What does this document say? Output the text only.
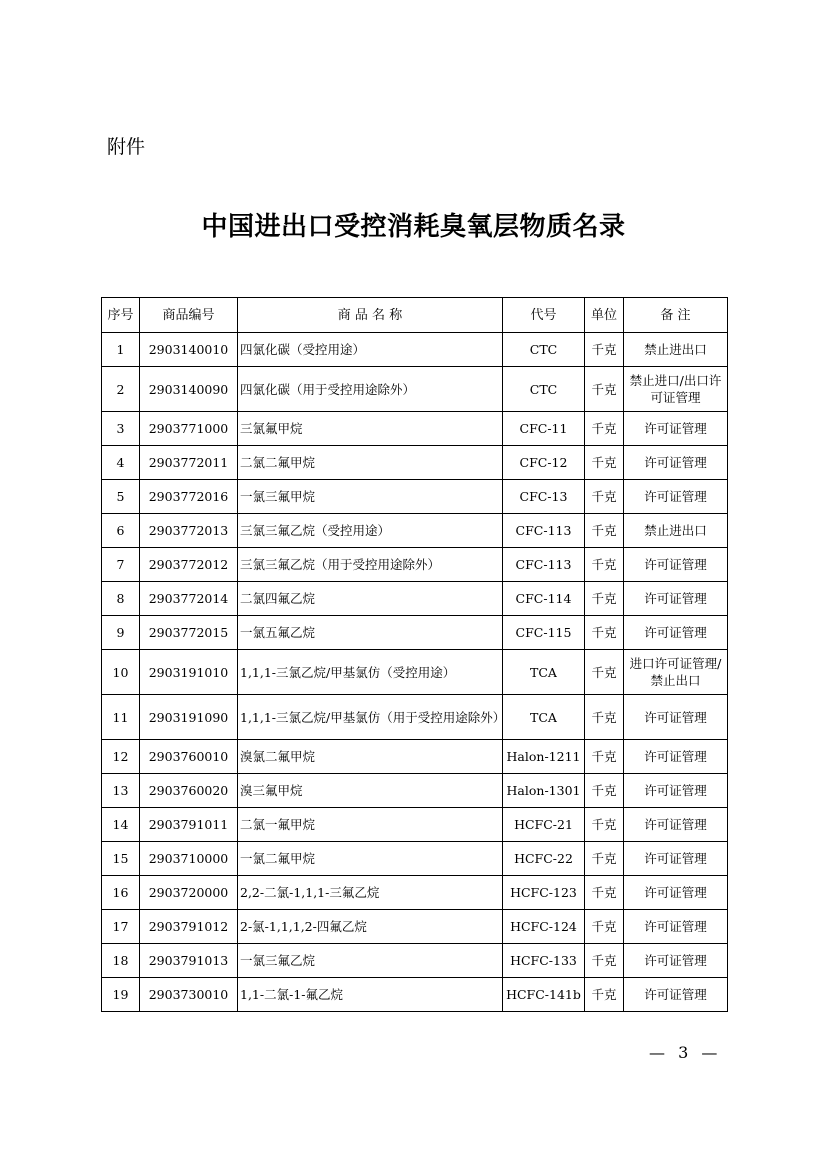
附件
中国进出口受控消耗臭氧层物质名录
序号	商品编号	商 品 名 称	代号	单位	备 注
1	2903140010	四氯化碳（受控用途）	CTC	千克	禁止进出口
2	2903140090	四氯化碳（用于受控用途除外）	CTC	千克	禁止进口/出口许可证管理
3	2903771000	三氯氟甲烷	CFC-11	千克	许可证管理
4	2903772011	二氯二氟甲烷	CFC-12	千克	许可证管理
5	2903772016	一氯三氟甲烷	CFC-13	千克	许可证管理
6	2903772013	三氯三氟乙烷（受控用途）	CFC-113	千克	禁止进出口
7	2903772012	三氯三氟乙烷（用于受控用途除外）	CFC-113	千克	许可证管理
8	2903772014	二氯四氟乙烷	CFC-114	千克	许可证管理
9	2903772015	一氯五氟乙烷	CFC-115	千克	许可证管理
10	2903191010	1,1,1-三氯乙烷/甲基氯仿（受控用途）	TCA	千克	进口许可证管理/禁止出口
11	2903191090	1,1,1-三氯乙烷/甲基氯仿（用于受控用途除外）	TCA	千克	许可证管理
12	2903760010	溴氯二氟甲烷	Halon-1211	千克	许可证管理
13	2903760020	溴三氟甲烷	Halon-1301	千克	许可证管理
14	2903791011	二氯一氟甲烷	HCFC-21	千克	许可证管理
15	2903710000	一氯二氟甲烷	HCFC-22	千克	许可证管理
16	2903720000	2,2-二氯-1,1,1-三氟乙烷	HCFC-123	千克	许可证管理
17	2903791012	2-氯-1,1,1,2-四氟乙烷	HCFC-124	千克	许可证管理
18	2903791013	一氯三氟乙烷	HCFC-133	千克	许可证管理
19	2903730010	1,1-二氯-1-氟乙烷	HCFC-141b	千克	许可证管理
— 3 —
